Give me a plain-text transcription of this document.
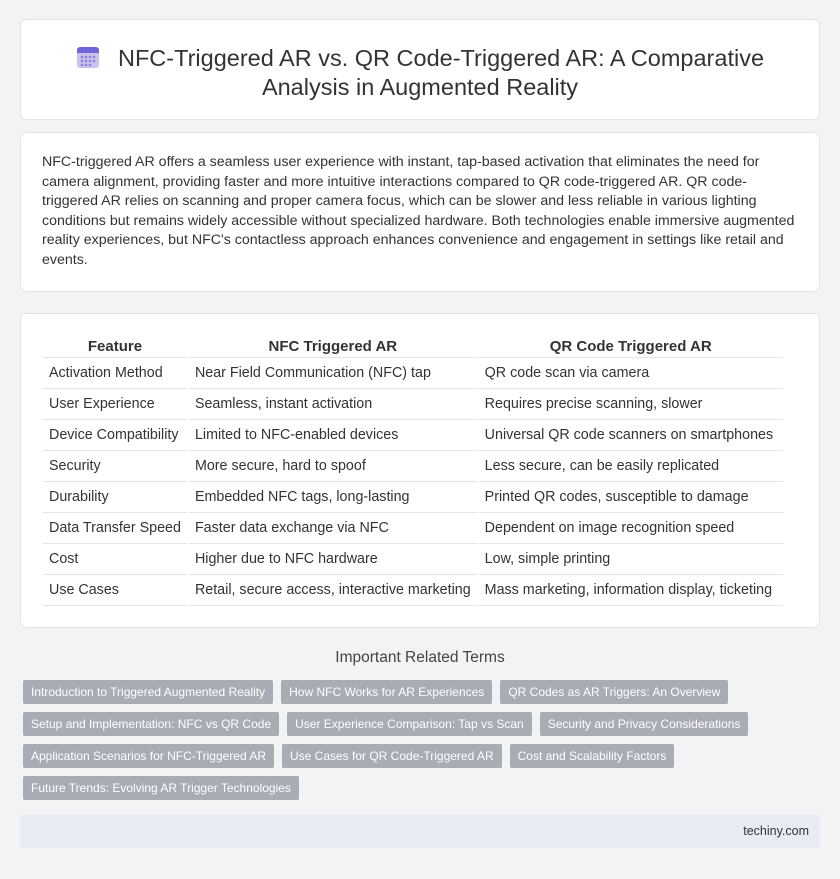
NFC-Triggered AR vs. QR Code-Triggered AR: A Comparative
Analysis in Augmented Reality

NFC-triggered AR offers a seamless user experience with instant, tap-based activation that eliminates the need for camera alignment, providing faster and more intuitive interactions compared to QR code-triggered AR. QR code-triggered AR relies on scanning and proper camera focus, which can be slower and less reliable in various lighting conditions but remains widely accessible without specialized hardware. Both technologies enable immersive augmented reality experiences, but NFC's contactless approach enhances convenience and engagement in settings like retail and events.

Feature	NFC Triggered AR	QR Code Triggered AR
Activation Method	Near Field Communication (NFC) tap	QR code scan via camera
User Experience	Seamless, instant activation	Requires precise scanning, slower
Device Compatibility	Limited to NFC-enabled devices	Universal QR code scanners on smartphones
Security	More secure, hard to spoof	Less secure, can be easily replicated
Durability	Embedded NFC tags, long-lasting	Printed QR codes, susceptible to damage
Data Transfer Speed	Faster data exchange via NFC	Dependent on image recognition speed
Cost	Higher due to NFC hardware	Low, simple printing
Use Cases	Retail, secure access, interactive marketing	Mass marketing, information display, ticketing
Important Related Terms
Introduction to Triggered Augmented Reality	How NFC Works for AR Experiences	QR Codes as AR Triggers: An Overview
Setup and Implementation: NFC vs QR Code	User Experience Comparison: Tap vs Scan	Security and Privacy Considerations
Application Scenarios for NFC-Triggered AR	Use Cases for QR Code-Triggered AR	Cost and Scalability Factors
Future Trends: Evolving AR Trigger Technologies
techiny.com
